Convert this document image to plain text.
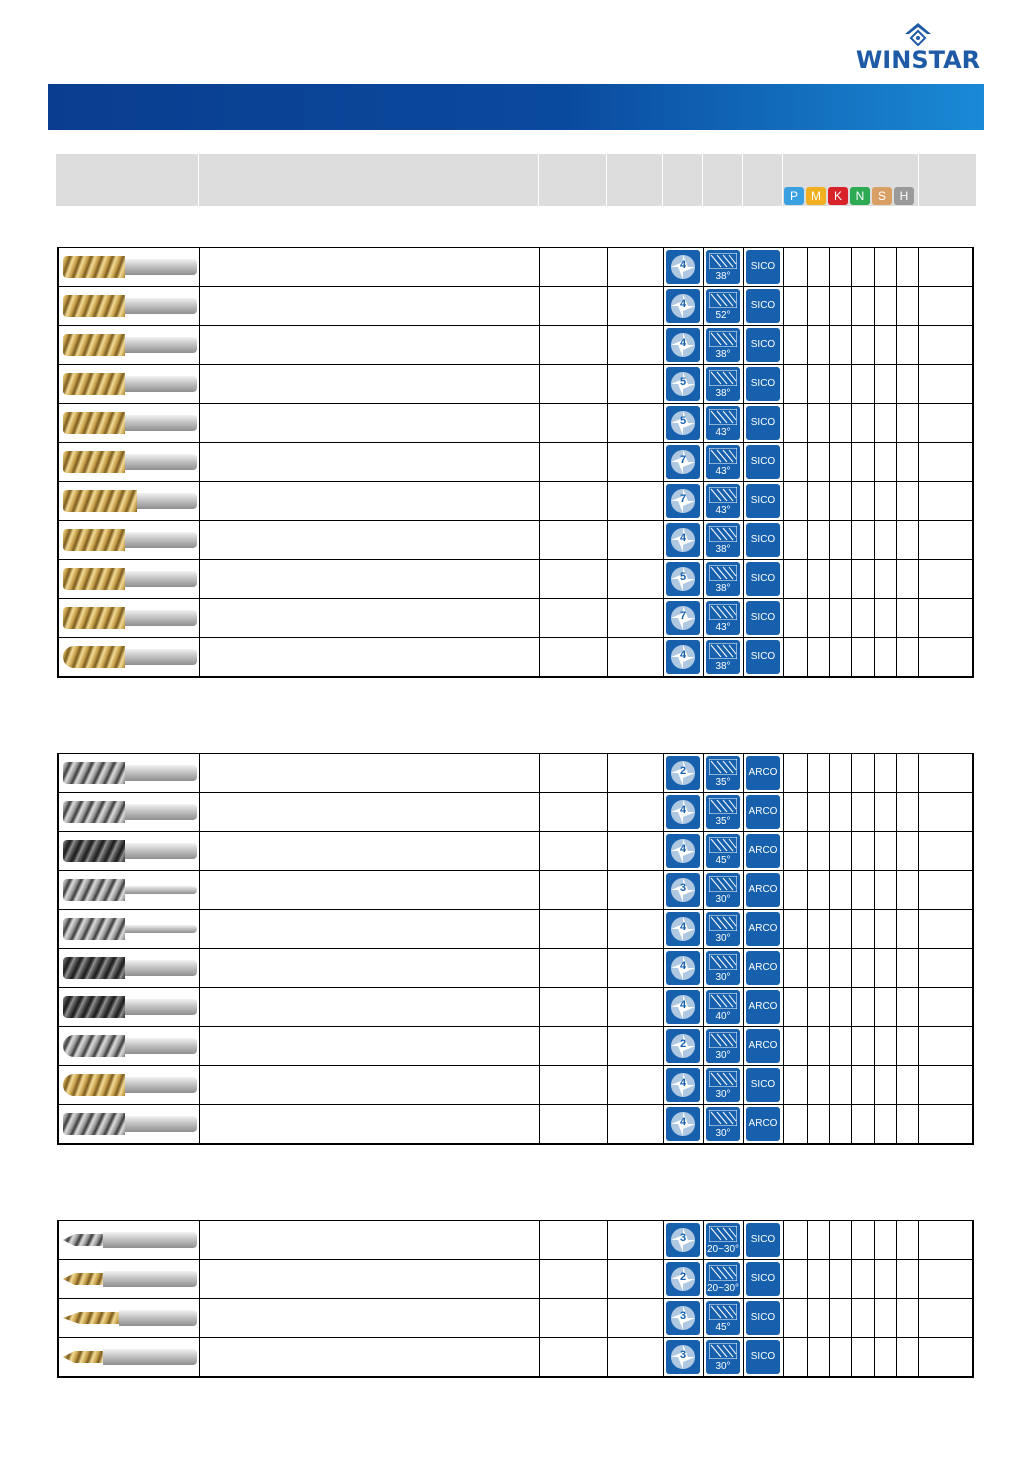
WINSTAR
P	M	K	N	S	H

				4	38°	SICO							

				4	52°	SICO							

				4	38°	SICO							

				5	38°	SICO							

				5	43°	SICO							

				7	43°	SICO							

				7	43°	SICO							

				4	38°	SICO							

				5	38°	SICO							

				7	43°	SICO							

				4	38°	SICO							

				2	35°	ARCO							

				4	35°	ARCO							

				4	45°	ARCO							

				3	30°	ARCO							

				4	30°	ARCO							

				4	30°	ARCO							

				4	40°	ARCO							

				2	30°	ARCO							

				4	30°	SICO							

				4	30°	ARCO							

				3	20~30°	SICO							

				2	20~30°	SICO							

				3	45°	SICO							

				3	30°	SICO							
